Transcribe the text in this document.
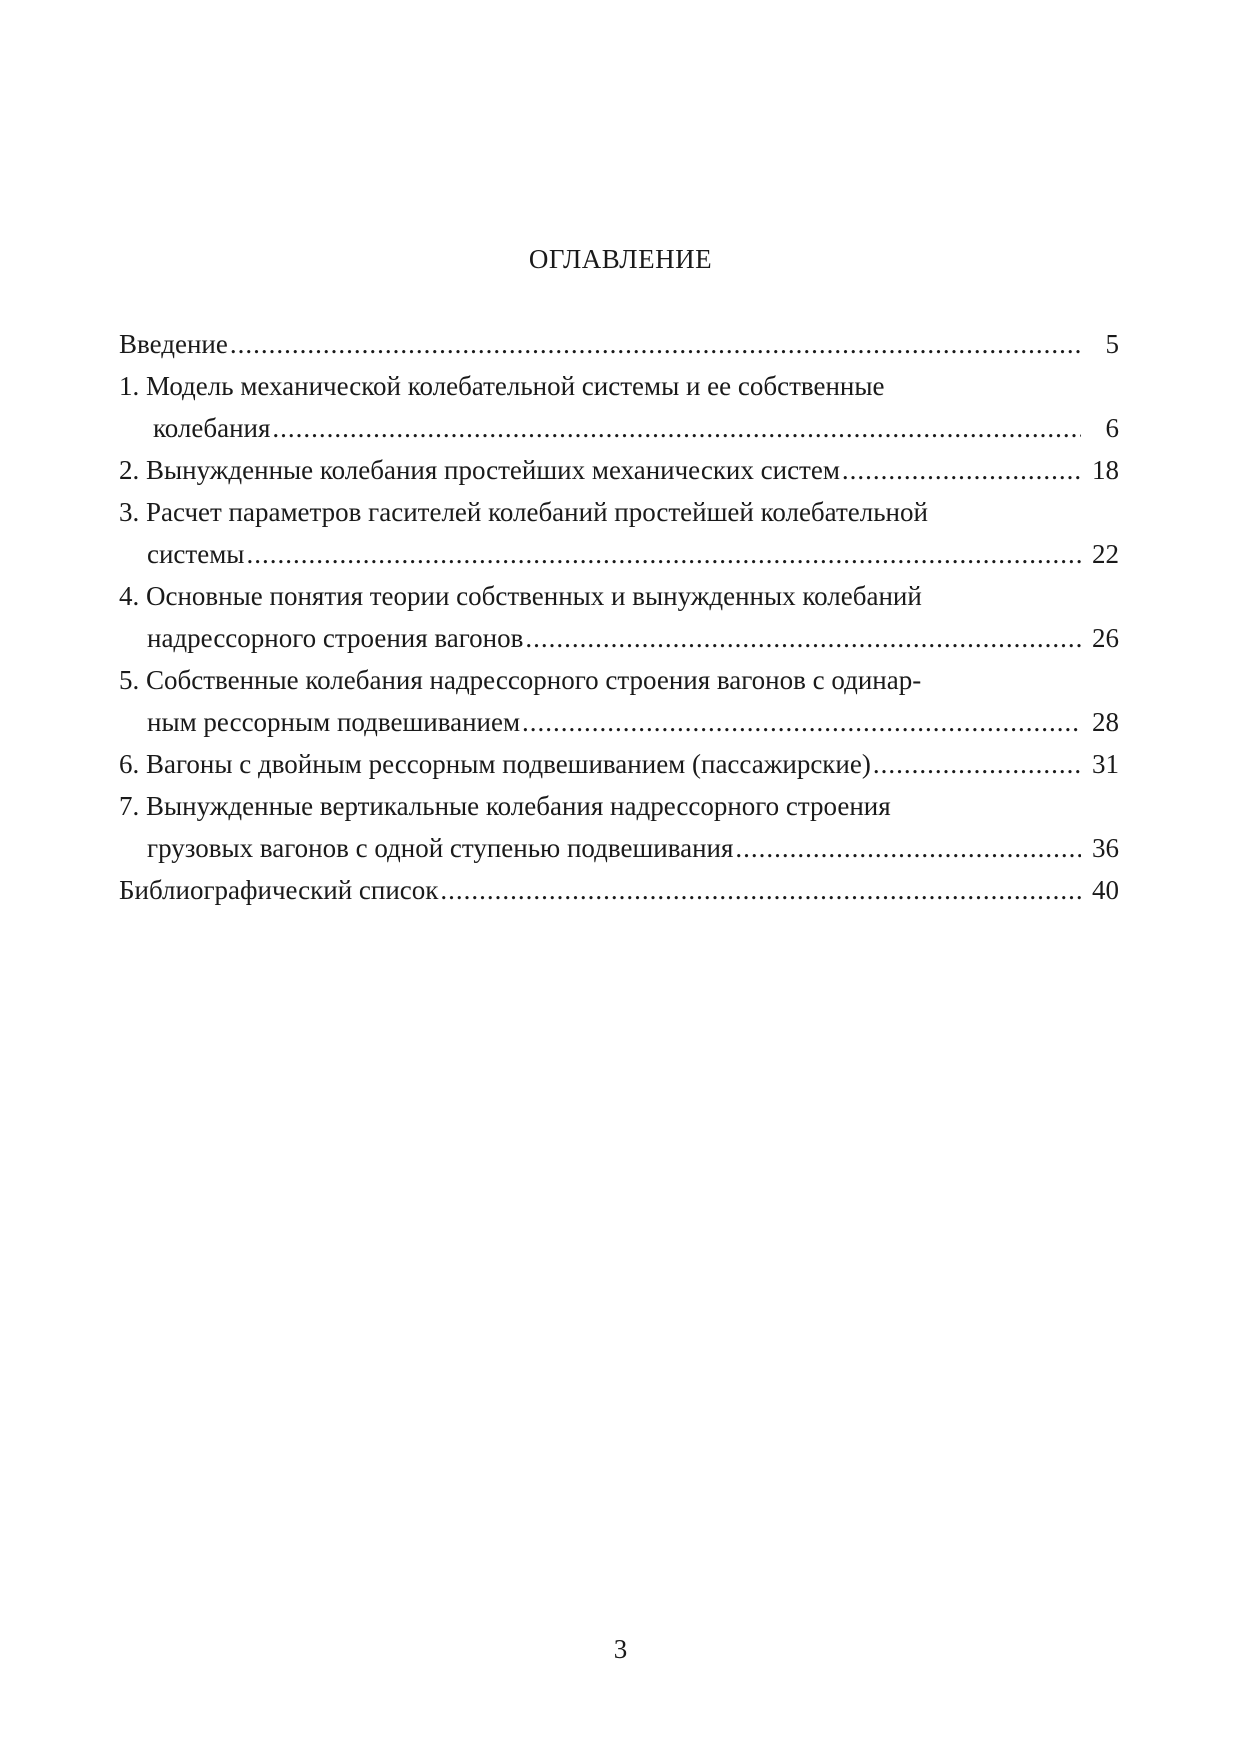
ОГЛАВЛЕНИЕ
Введение .....	5
1. Модель механической колебательной системы и ее собственные
колебания .....	6
2. Вынужденные колебания простейших механических систем .....	18
3. Расчет параметров гасителей колебаний простейшей колебательной
системы .....	22
4. Основные понятия теории собственных и вынужденных колебаний
надрессорного строения вагонов .....	26
5. Собственные колебания надрессорного строения вагонов с одинар-
ным рессорным подвешиванием .....	28
6. Вагоны с двойным рессорным подвешиванием (пассажирские) .....	31
7. Вынужденные вертикальные колебания надрессорного строения
грузовых вагонов с одной ступенью подвешивания .....	36
Библиографический список .....	40
3
